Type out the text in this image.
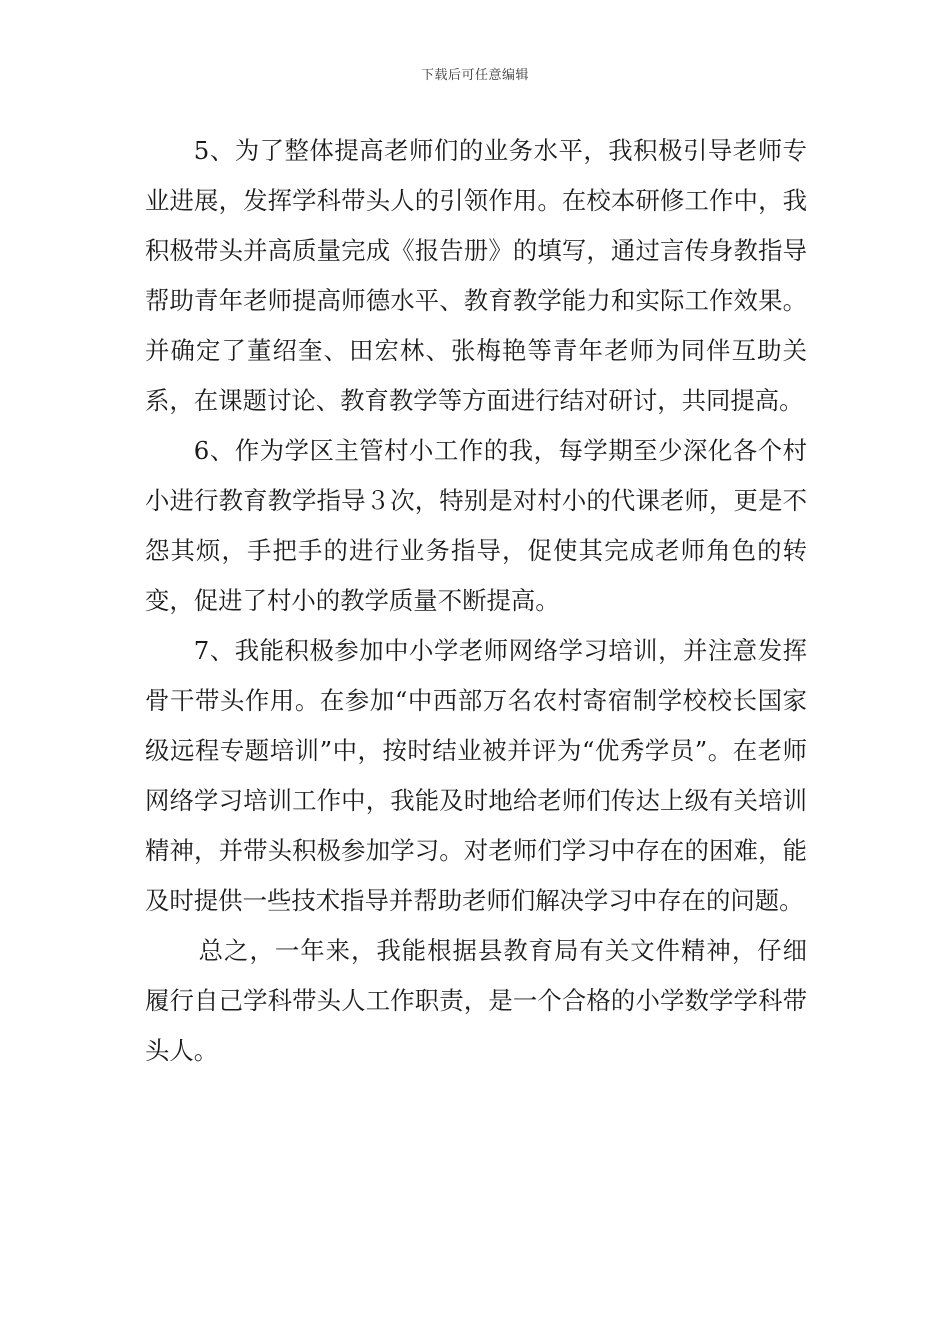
下载后可任意编辑

5、为了整体提高老师们的业务水平，我积极引导老师专业进展，发挥学科带头人的引领作用。在校本研修工作中，我积极带头并高质量完成《报告册》的填写，通过言传身教指导帮助青年老师提高师德水平、教育教学能力和实际工作效果。并确定了董绍奎、田宏林、张梅艳等青年老师为同伴互助关系，在课题讨论、教育教学等方面进行结对研讨，共同提高。

6、作为学区主管村小工作的我，每学期至少深化各个村小进行教育教学指导３次，特别是对村小的代课老师，更是不怨其烦，手把手的进行业务指导，促使其完成老师角色的转变，促进了村小的教学质量不断提高。

7、我能积极参加中小学老师网络学习培训，并注意发挥骨干带头作用。在参加“中西部万名农村寄宿制学校校长国家级远程专题培训”中，按时结业被并评为“优秀学员”。在老师网络学习培训工作中，我能及时地给老师们传达上级有关培训精神，并带头积极参加学习。对老师们学习中存在的困难，能及时提供一些技术指导并帮助老师们解决学习中存在的问题。

总之，一年来，我能根据县教育局有关文件精神，仔细履行自己学科带头人工作职责，是一个合格的小学数学学科带头人。
